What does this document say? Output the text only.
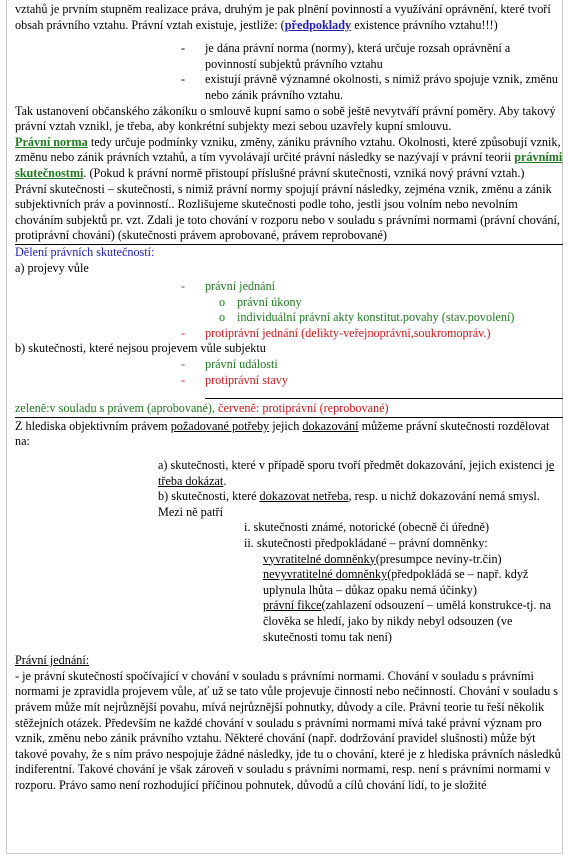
vztahů je prvním stupněm realizace práva, druhým je pak plnění povinností a využívání oprávnění, které tvoří obsah právního vztahu. Právní vztah existuje, jestliže: (předpoklady existence právního vztahu!!!)

- je dána právní norma (normy), která určuje rozsah oprávnění a povinností subjektů právního vztahu

- existují právně významné okolnosti, s nimiž právo spojuje vznik, změnu nebo zánik právního vztahu.

Tak ustanovení občanského zákoníku o smlouvě kupní samo o sobě ještě nevytváří právní poměry. Aby takový právní vztah vznikl, je třeba, aby konkrétní subjekty mezi sebou uzavřely kupní smlouvu.

Právní norma tedy určuje podmínky vzniku, změny, zániku právního vztahu. Okolnosti, které způsobují vznik, změnu nebo zánik právních vztahů, a tím vyvolávají určité právní následky se nazývají v právní teorii právními skutečnostmi. (Pokud k právní normě přistoupí příslušné právní skutečnosti, vzniká nový právní vztah.)

Právní skutečnosti – skutečnosti, s nimiž právní normy spojují právní následky, zejména vznik, změnu a zánik subjektivních práv a povinností.. Rozlišujeme skutečnosti podle toho, jestli jsou volním nebo nevolním chováním subjektů pr. vzt. Zdali je toto chování v rozporu nebo v souladu s právními normami (právní chování, protiprávní chování) (skutečnosti právem aprobované, právem reprobované)

Dělení právních skutečností:

a) projevy vůle

- právní jednání

o právní úkony

o individuální právní akty konstitut.povahy (stav.povolení)

- protiprávní jednání (delikty-veřejnoprávní,soukromopráv.)

b) skutečnosti, které nejsou projevem vůle subjektu

- právní události

- protiprávní stavy

zeleně:v souladu s právem (aprobované), červeně: protiprávní (reprobované)

Z hlediska objektivním právem požadované potřeby jejich dokazování můžeme právní skutečnosti rozdělovat na:

a) skutečnosti, které v případě sporu tvoří předmět dokazování, jejich existenci je třeba dokázat.

b) skutečnosti, které dokazovat netřeba, resp. u nichž dokazování nemá smysl. Mezi ně patří

i. skutečnosti známé, notorické (obecně či úředně)

ii. skutečnosti předpokládané – právní domněnky:

vyvratitelné domněnky(presumpce neviny-tr.čin)

nevyvratitelné domněnky(předpokládá se – např. když uplynula lhůta – důkaz opaku nemá účinky)

právní fikce(zahlazení odsouzení – umělá konstrukce-tj. na člověka se hledí, jako by nikdy nebyl odsouzen (ve skutečnosti tomu tak není)

Právní jednání:

- je právní skutečností spočívající v chování v souladu s právními normami. Chování v souladu s právními normami je zpravidla projevem vůle, ať už se tato vůle projevuje činností nebo nečinností. Chování v souladu s právem může mít nejrůznější povahu, mívá nejrůznější pohnutky, důvody a cíle. Právní teorie tu řeší několik stěžejních otázek. Především ne každé chování v souladu s právními normami mívá také právní význam pro vznik, změnu nebo zánik právního vztahu. Některé chování (např. dodržování pravidel slušnosti) může být takové povahy, že s ním právo nespojuje žádné následky, jde tu o chování, které je z hlediska právních následků indiferentní. Takové chování je však zároveň v souladu s právními normami, resp. není s právními normami v rozporu. Právo samo není rozhodující příčinou pohnutek, důvodů a cílů chování lidí, to je složité
